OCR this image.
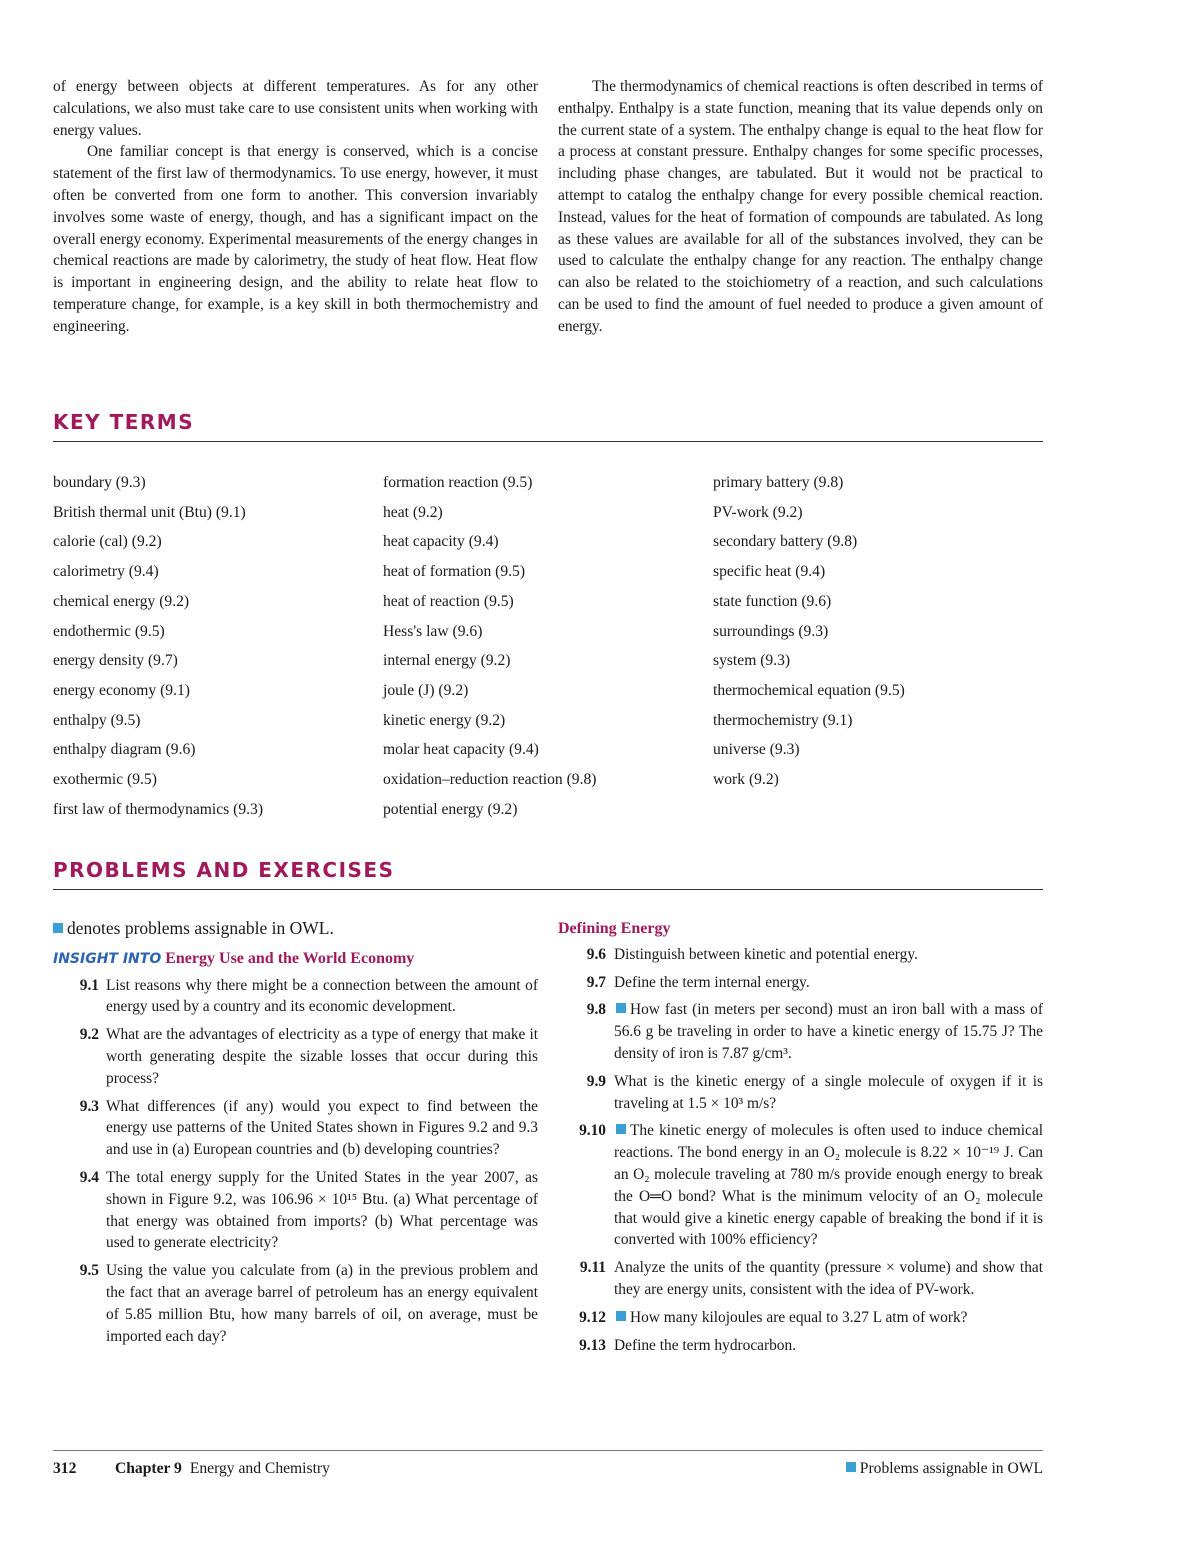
of energy between objects at different temperatures. As for any other calculations, we also must take care to use consistent units when working with energy values.

One familiar concept is that energy is conserved, which is a concise statement of the first law of thermodynamics. To use energy, however, it must often be converted from one form to another. This conversion invariably involves some waste of energy, though, and has a significant impact on the overall energy economy. Experimental measurements of the energy changes in chemical reactions are made by calorimetry, the study of heat flow. Heat flow is important in engineering design, and the ability to relate heat flow to temperature change, for example, is a key skill in both thermochemistry and engineering.

The thermodynamics of chemical reactions is often described in terms of enthalpy. Enthalpy is a state function, meaning that its value depends only on the current state of a system. The enthalpy change is equal to the heat flow for a process at constant pressure. Enthalpy changes for some specific processes, including phase changes, are tabulated. But it would not be practical to attempt to catalog the enthalpy change for every possible chemical reaction. Instead, values for the heat of formation of compounds are tabulated. As long as these values are available for all of the substances involved, they can be used to calculate the enthalpy change for any reaction. The enthalpy change can also be related to the stoichiometry of a reaction, and such calculations can be used to find the amount of fuel needed to produce a given amount of energy.

KEY TERMS
boundary (9.3)
British thermal unit (Btu) (9.1)
calorie (cal) (9.2)
calorimetry (9.4)
chemical energy (9.2)
endothermic (9.5)
energy density (9.7)
energy economy (9.1)
enthalpy (9.5)
enthalpy diagram (9.6)
exothermic (9.5)
first law of thermodynamics (9.3)
formation reaction (9.5)
heat (9.2)
heat capacity (9.4)
heat of formation (9.5)
heat of reaction (9.5)
Hess's law (9.6)
internal energy (9.2)
joule (J) (9.2)
kinetic energy (9.2)
molar heat capacity (9.4)
oxidation–reduction reaction (9.8)
potential energy (9.2)
primary battery (9.8)
PV-work (9.2)
secondary battery (9.8)
specific heat (9.4)
state function (9.6)
surroundings (9.3)
system (9.3)
thermochemical equation (9.5)
thermochemistry (9.1)
universe (9.3)
work (9.2)
PROBLEMS AND EXERCISES
denotes problems assignable in OWL.
INSIGHT INTO Energy Use and the World Economy
9.1 List reasons why there might be a connection between the amount of energy used by a country and its economic development.
9.2 What are the advantages of electricity as a type of energy that make it worth generating despite the sizable losses that occur during this process?
9.3 What differences (if any) would you expect to find between the energy use patterns of the United States shown in Figures 9.2 and 9.3 and use in (a) European countries and (b) developing countries?
9.4 The total energy supply for the United States in the year 2007, as shown in Figure 9.2, was 106.96 × 10¹⁵ Btu. (a) What percentage of that energy was obtained from imports? (b) What percentage was used to generate electricity?
9.5 Using the value you calculate from (a) in the previous problem and the fact that an average barrel of petroleum has an energy equivalent of 5.85 million Btu, how many barrels of oil, on average, must be imported each day?
Defining Energy
9.6 Distinguish between kinetic and potential energy.
9.7 Define the term internal energy.
9.8 How fast (in meters per second) must an iron ball with a mass of 56.6 g be traveling in order to have a kinetic energy of 15.75 J? The density of iron is 7.87 g/cm³.
9.9 What is the kinetic energy of a single molecule of oxygen if it is traveling at 1.5 × 10³ m/s?
9.10 The kinetic energy of molecules is often used to induce chemical reactions. The bond energy in an O₂ molecule is 8.22 × 10⁻¹⁹ J. Can an O₂ molecule traveling at 780 m/s provide enough energy to break the O═O bond? What is the minimum velocity of an O₂ molecule that would give a kinetic energy capable of breaking the bond if it is converted with 100% efficiency?
9.11 Analyze the units of the quantity (pressure × volume) and show that they are energy units, consistent with the idea of PV-work.
9.12 How many kilojoules are equal to 3.27 L atm of work?
9.13 Define the term hydrocarbon.
312 Chapter 9 Energy and Chemistry	Problems assignable in OWL
